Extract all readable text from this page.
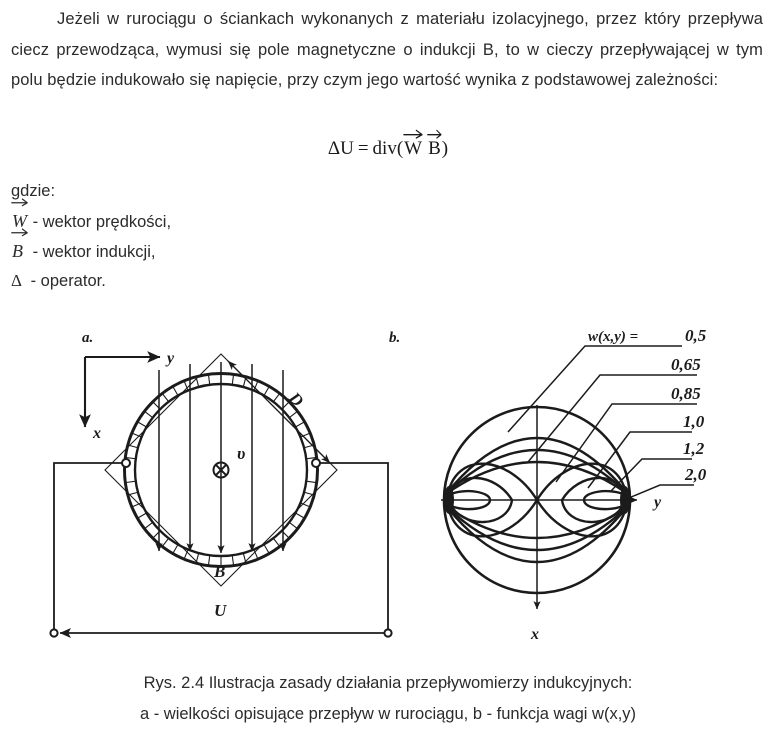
Jeżeli w rurociągu o ściankach wykonanych z materiału izolacyjnego, przez który przepływa ciecz przewodząca, wymusi się pole magnetyczne o indukcji B, to w cieczy przepływającej w tym polu będzie indukowało się napięcie, przy czym jego wartość wynika z podstawowej zależności:

ΔU = div(
W B)
gdzie:
W - wektor prędkości,
B - wektor indukcji,
Δ - operator.
a.
y
x
D
B
υ
U
b.
y
x
w(x,y) =	0,5
0,65
0,85
1,0
1,2
2,0
Rys. 2.4 Ilustracja zasady działania przepływomierzy indukcyjnych:
a - wielkości opisujące przepływ w rurociągu, b - funkcja wagi w(x,y)
